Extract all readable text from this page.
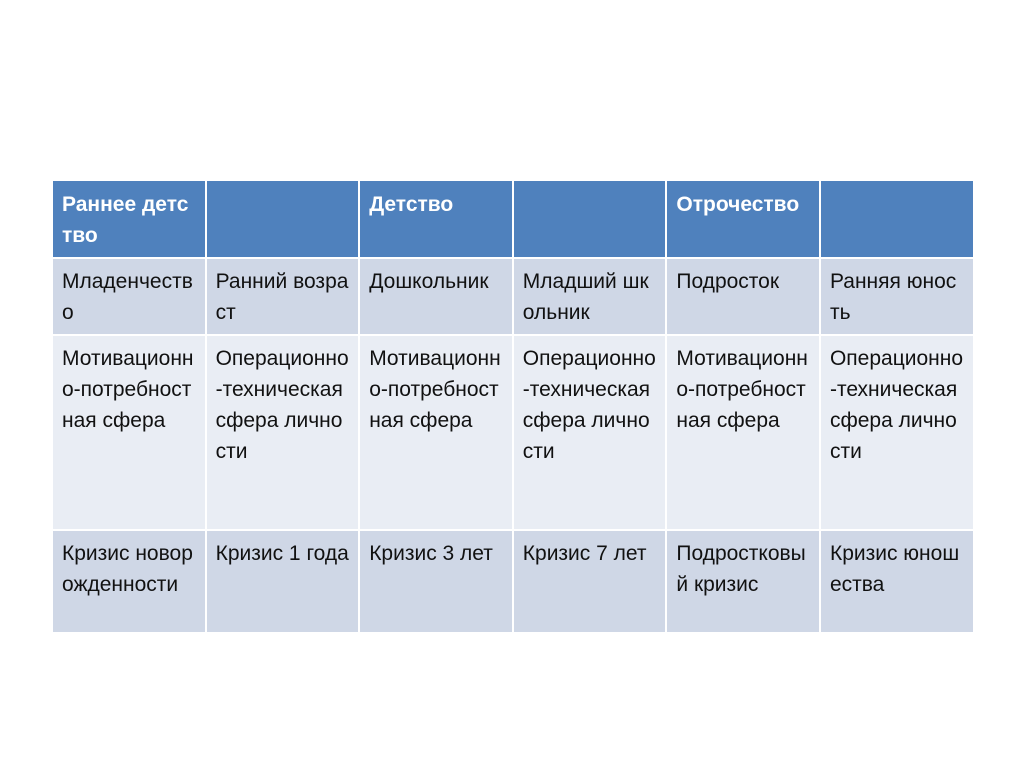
Раннее детство		Детство		Отрочество	
Младенчество	Ранний возраст	Дошкольник	Младший школьник	Подросток	Ранняя юность
Мотивационно-потребностная сфера	Операционно-техническая сфера личности	Мотивационно-потребностная сфера	Операционно-техническая сфера личности	Мотивационно-потребностная сфера	Операционно-техническая сфера личности
Кризис новорожденности	Кризис 1 года	Кризис 3 лет	Кризис 7 лет	Подростковый кризис	Кризис юношества
